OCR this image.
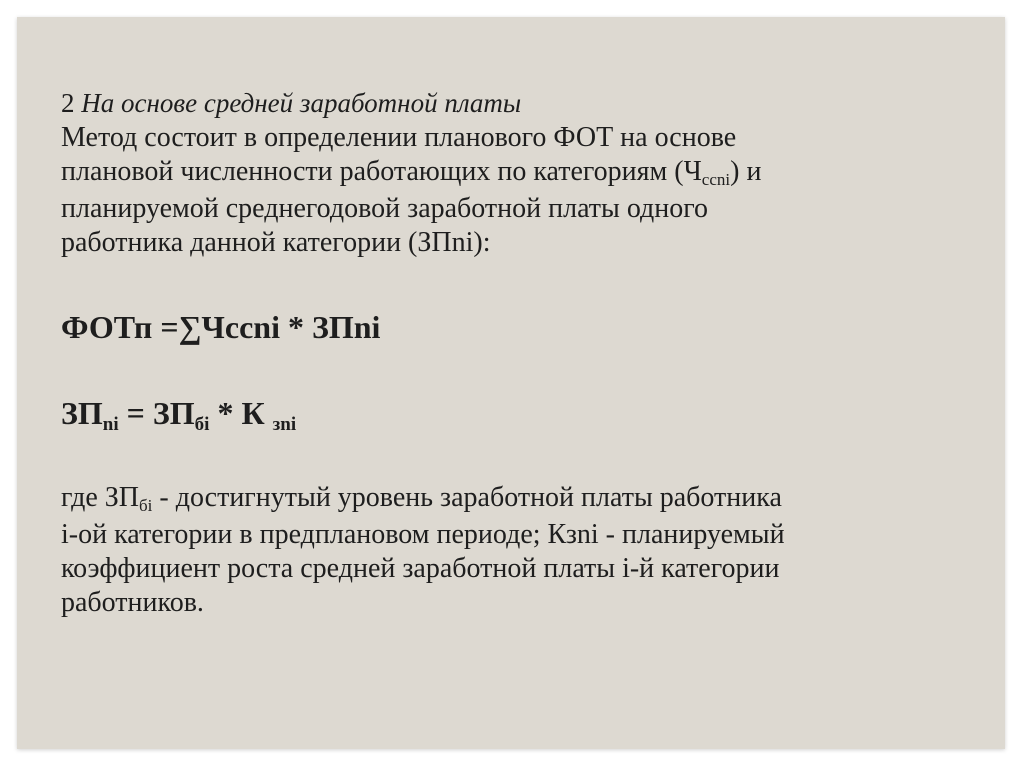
2 На основе средней заработной платы

Метод состоит в определении планового ФОТ на основе
плановой численности работающих по категориям (Чccni) и
планируемой среднегодовой заработной платы одного
работника данной категории (ЗПni):

ФОТп =∑Чccni * ЗПni

$ЗП_{ni} = ЗП_{бi} * К$ зni

где ЗПбi - достигнутый уровень заработной платы работника
i-ой категории в предплановом периоде; Кзni - планируемый
коэффициент роста средней заработной платы i-й категории
работников.
